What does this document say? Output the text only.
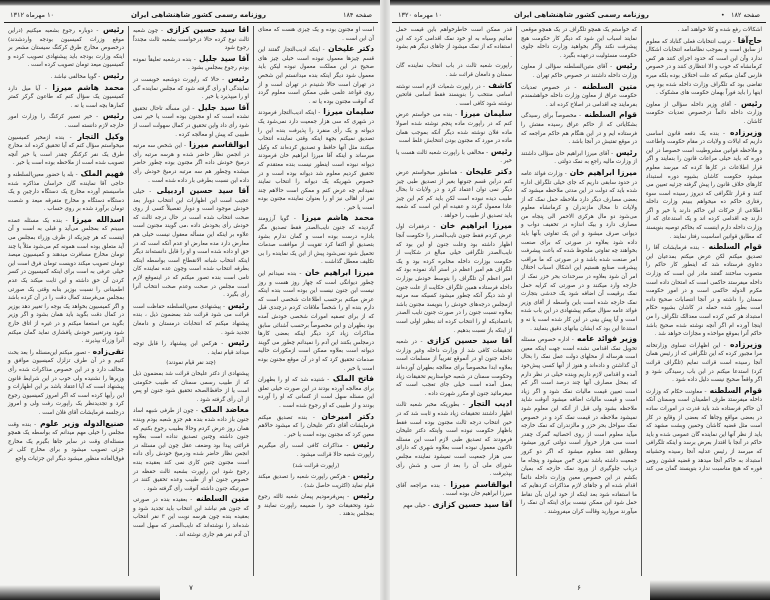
صفحه ۱۸۴
روزنامه رسمی کشور شاهنشاهی ایران
۱۰ مهرماه ۱۳۱۲
است او مجنون بوده و یک چیزی هست که معنای آن این است .
دکتر علیخان - اینکه ادیب‌التجار گفتند این قسم چیزها معمول نبوده است خیلی چیز های صحیح در این مملکت معمول نبوده لیکن باید معمول شود دیگر اینکه بنده میدانستم این شخص در تهران است حالا شنیدم در تهران است و از روی قواعد علمی طبی ممکن است معلوم گردد که آنوقت مجنون بوده یا نه .
سلیمان میرزا - اینکه ادیب‌التجار فرمودند در شهری که سی هزار جمعیت دارد نمی‌شود یک دیوانه و یک رأی منفرد را پذیرفت بنده این را تصدیق نمیکنم بجهة اینکه وقتی نماینده انتخاب میکنند مثل آنها حافظ و تصدیق کرده‌اند که وکیل میرساند و اینکه آقا میرزا ابراهیم خان فرمودند دیوانه نبوده است اینطور نیست بنده معتقدم که تحقیق کردیم معلوم شد دیوانه بوده است و در خصوص شهریکه یک دیوانه را انتخاب نمایند نمیدانم چه عرض کنم و ممکن است حالاهم چند نفر از اهالی نیز او را بعنوان نماینده مجنون بوده است یا خیر .
محمد هاشم میرزا - گویا آرزومند گردیده که جنون نایب‌الصدر فقط تصدیق مگر باداره درست بوده است و گمان ندارم بشود بتصدیق او اکتفا کرد تقویت از موافقت صدمات تحمیل شود نمی‌شود پیش از این یک نماینده را بی تکلیف معطل گذاشت .
میرزا ابراهیم خان - بنده نمیدانم این چطور دیوانگی است که چهار روز هست و روز نیست این جنون نیست این بوده است بنده اینکه عرض میکنم برحسب اطلاعات شخصی است که دارم بنده او را شخصاً ملاقات کردم درچندی قبل که از برای تصفیه امورات شخصی خودش آمده بود بطهران و این مخصوصاً برحسب آشنائی سابق مذاکرات زیاد کرد دیگر اینکه بعضی کارها درمجلس بکنند این آدم را نمیدانم چطور می گویند دیوانه است بعلاوه ممکن است ازمکورات حالیه صدمات تحقیق کرد که او در آن موقع مجنون بوده است یا خیر .
فاتح الملک - شنیده شد که او را بطهران برای معالجه آورده بودند در این صورت خیلی تعلق این مسئله سهل است از کسانی که او را آورده بودند و از طبیبی که او رجوع شده است .
دکتر امیرخان - بنده تصدیق میکنم فرمایشات آقای دکتر علیخان را که میشود حالاهم معین کرد که مجنون بوده است یا خیر .
رئیس - مذاکرات کافی است رأی میگیریم راپورت شعبه حالا قرائت میشود .
(راپورت قرائت شد)
رئیس - هرکس راپورت شعبه را تصدیق میکند قیام نماید (اکثریت حاصل شد) .
رئیس - پس‌فرمودیم پیمان شعبه ثالثه رجوع شود وتحقیقات خود را ضمیمه راپورت نمایند و بمجلس بدهند .
آقا سید حسین کزازی - چون شعبه ثالث نوع کرده حالا درخواست بشعبه ثالث مجدداً رجوع شود
آقا سید جلیل - بنده درشعبه تعلیقاً نموده بودم رجوع بمجلس بشود .
رئیس - حالا که راپورت دوشعبه خوبست در نمایندگی او رأی گرفته شود که مجلس نماینده گی او را میپذیرد یا خیر .
آقا سید جلیل - این مسأله تاحال تحقیق نشده است که او مجنون بوده است یا خیر نمی شود رأی داد واین تحقیق در کمال سهولت است از طبیبی که پیش او معالجه کرده .
ابوالقاسم میرزا - این شخص سه مرتبه در انجمن نظار حاضر شده و هرسه مرتبه رأی درمیخ خودش داده اگر مجنون بوده چطور حاضر میشده وچطور هم سه مرتبه درمیخ خودش رأی داده این نسبت بطرفی بار داده شده است .
آقا سید حسین اردبیلی - خیلی عجیب است این اظهارات این انتخاب دوبار بعد خودش موجود است و دوبار تفصیلاً کسی از روی صحت انتخاب شده است در حال درجه ثالث که خودش رأی بخودش داده ،می گویند مجنون است علاوه بر اینکه این مسأله معقول نیست خیلی هم معارض دارد مده معارض او عدم آنکه است که در حق او داده شده است و او را قابل دانسته‌اند دیگر اینکه انتخاب شبانه الانقطاع است بواسطه اینکه بطرفه انتخاب شده است وچون عده نماینده کان تامی است بنده تصور میکنم که در اینموقع لازم است مجلس در صحت وعدم صحت انتخاب آنرا رأی بگیرد .
رئیس - پیشنهادی معین‌السلطنه حفاظت است قرائت می شود قرائت شد بمضمون ذیل ، بنده پیشنهاد میکنم که انتخابات درمستان و دامغان تجدید شود .
رئیس - هرکس این پیشنهاد را قابل توجه میداند قیام نماید .
(چند نفر قیام نمودند)
پیشنهادی از دکتر علیخان قرائت شد بمضمون ذیل که از طبیب رسمی سمنان که طبیب حکومتی است یا از حافظ‌الصحه تحقیق شود جنون او پس از آن رأی گرفته شود .
معاضد الملک - چون از طرفی شبهه اساد جنون باز داده شده بنده هم جزو شعبه بودم وبنده همان روز عرض کردم وحالا بطبیب رجوع بکنیم که جنون داشته وچنین تصدیق نداده است بعلاوه قرائتی پیدا بود وضعف عقل چون این مسئله در انجمن نظار حاضر شده ودرمیخ خودش رأی داده است مجنون چنین کاری نمی کند بعقیده بنده رجوع شود این راپورت بشعبه ثالث حفظه در خصوص جنون او از طبیب وعده تحقیق کنند در صورتیکه جنون داشته آنوقت رأی گرفته شود .
متین السلطنه - بعقیده بنده در صورتی که جنون هم نباشد این انتخاب باید تجدید شود و بعقیده بنده چون هرسه نوبت این ۳ نفر انتخاب شده‌اند را نوشته‌اند که نایب‌الصدر که سهل است آن آدم نفر هم جاری نوشته اند .
رئیس - دوباره رجوع بشعبه میکنیم (دراین موقع وزرات کمیسیون بودجه واردشدند) درخصوص مخارج طرق کرکنگ سیستان مشعر بر اینکه وزارت بودجه باید پیشنهادی تصویب کرده و کمیسیون میعد تومان تصویب کرده است .
رئیس - گویا مخالفی نباشد .
محمد هاشم میرزا - آیا میل دارد کمیسیون یک سؤال کنم که طاعون گرکر کمتر کمارها بچه است یا نه .
رئیس - خیر تعمیر کرکنگ را وزارت امور خارجه لازم دانسته است .
وکیل التجار - بنده ازمخبر کمیسیون میخواستم سؤال کنم که آیا تحقیق کرده اند مخارج طرق یک نفر کرکنگر چقدر است یا خیر آنچه تصویب شده است از ملاحظه بوده است یا خیر .
فهیم الملک - بله یا حضور معین‌السلطنه و حاجی آقا نماینده گان خراسان مذاکره شده ماسیستم آورده مخارج یک دستگاه دارچین و یک دستگاه دستگاه و مخارج متفرقه میعد و شصت تومان برآورد شده بر روی حساب .
اسدالله میرزا - بنده یک مسئله عمده میبینم که بمجلس می‌آید و قبلی به است و آن اینست که هر چیزیکه از طرف وزراء بمجلس می آید متعلق بوده است همونه کم می‌شود مثلاً یا چند تومان مخارج مسافرت میدهند و کمیسیون میصد تومان تصویب میکند دویست تومان فرق است این خیلی عرفی به است برای اینکه کمیسیون در کسر کردن آن حق داشته و این ثابت میکند یک عدم اطمینانی را نسبت بوزیر بنابه وقتی یک صورتی بمجلس می‌فرستد کمال دقت را در آن کرده باشد و اگر کمیسیون بخواهد یک بوجه را تغییر دهد بوزیر در کمال دقت بگوید باید همان بشود و اگر وزیر بگوید من استعفا میکنم و در غیره از اتاق خارج شود ودرتغییر خودش پافشاری نماید گمان میکنم آنرا وزراء بپذیرند .
تقی‌زاده - تصور میکنم این‌مسئله را بعد بحث کنیم و در آن طرف تزلزل کمیسیون موافق و مخالف دارد و در این خصوص مذاکرات شده رأی وزیرها را نشنیده ولی خوب در این شرایط قانون پیشنهاد است که آیا اعتقاد باشد بر این اظهارات و این رأیها کرده است که اگر امروز کمیسیون رجوع کرد و تجدیدنظر یک راپورت رفت ولی و امروز درجلسه فرمایشات آقای فلان است .
صنیع‌الدوله وزیر علوم - بنده وقت مجلس را خیلی مهم میدانم که بواسطه یک همچو مسئله‌ای وقت در سایر جاها بگیرم یک مخارج جزئی تصویب میشود و برای مخارج کلی تر فوق‌العاده منظور میشود دیگر این جزئیات واجع
۷
صفحه ۱۸۲   •
روزنامه رسمی کشور شاهنشاهی ایران
۱۰ مهرماه ۱۳۲۰
اشکالات رفع شده و کلا خواهند آمد .
حاج‌آقا - ترتیب انتخابات فعلی گناباد که معلوم از سابق است و بموجب نظامنامه انتخابات اشکال ندارد وآن این است که حدود اجرای کنند هر کس کرمانشاه که خوب و الا انتظاری کنند و در خصوص فارس گمان میکنم که علت اختلاف بوده بلکه میره تقاضی بود که تلگراف وزارت داخله شده بود پس اینها را باید فوراً بهمان حکومت های مشکوک .
رئیس - آقای وزیر داخله سؤالی از معاون وزارت داخله دائماً درخصوص تعدیات حکومت کاشان .
وزیرزاده - بنده یک دفعه قانون اساسی داریم که ایالات و ولایات در مقام حکومت واطاعت و ملاحظه قوانین مشروطیت است خصوصا در این دوره که باید خیلی مراعات قانون را بنمایند و اگر قرار اطلاعات در کارها کرده که میرسد معلوم میشود حکومت کاشان بشیوه دوره استبداد کارهای خلاف قانون را پیش گرفته جزئیه تعیین می کنند و قرار تلگرافی که دیروز رسیده است سوء رفتاری حاکم ده میخواهم ببینم وزارت داخله اطلاعی از حرکات این حاکم دارند یا خیر و اگر دارند چه اقدامی کرده اند و یک استدعای که از وزارت داخله دارم اینست که بحاکم توصیه بنویسند که مطابق قوانین اساسیت رفتار نمایند .
قوام السلطنه - بنده فرمایشات آقا را تصدیق میکنم لکن عرض میکنم بمدعیان این دعاوی فرستاده شد که اینطور کار حاکم را متصوب ساختند گفتند مادر این است که وزارت داخله میفرستد حاکمی است که امتحان داده است مکرم الدوله حاکمی است و در امور حکومت سمنان را داشته و در آنجا انتصابات صحیح داده است بطور شده حمله در کاشان بشیوه حکام استبداد هر کس کرده است معدالک تلگراف را من اینجا آورده ام اگر آنچه نوشته شده صحیح باشد حاکم آنرا بموقع مواخذه و مجازات خواهد شد .
وزیرزاده - این اظهارات تساوی وزارتخانه مرا مجبور کرده که این تلگرافی که از رئیس همان آنجا رسیده است قرائت نمایم (تلگراف قرائت کرد) استدعا میکنم در این باب رسیدگی شود و اگر واقعاً صحیح نیست دلیل داده شود .
قوام السلطنه - معاونت حکام که وزارت داخله میفرستد طرف اطمینان است وسمنان آنکه آن حاکم فرستاده شد باید قدرت در امورات ساده در بعضی مواقع وجاها که بعضی از وقایع در کار است مثل قضیه کاشان وحمین وبشت مشهد که باید از نظر آنها این نماینده گان عمومی شده و باید حاکم در آنجا با اقتدار بعرض برسد و اینکه تلگرافی که میرسد از رئیس عدلیه آنجا رسیده وحشیانه استبداد به حاکم آنجا میدهد و قضیه قشون روس فوره که هیچ مناسبت ندارد بنویسند گمان می کند .
که خواستم یک همچو تلگراف در یک همچو موقعی نمایند اسباب این شود که دیگر کار حکومت هیچ پیشرفت نکند واگر بخواهید وزارت داخله جلوی حکومت مسئولیت درعهده بگیرد .
رئیس - آقای متین‌السلطنه سؤالی از معاون وزارت داخله داشتند در خصوص حاکم تهران .
متین السلطنه - در خصوص تعدیات حکومت عراق از معاون وزارت داخله خواهشمندم بفرمایند چه اقدامی در اصلاح کرده اند .
قوام السلطنه - مخصوصاً برای رسیدگی بشکایاتی که از حاکم عراق رسیده مفتش را فرستاده ایم و در این هنگام هم حاکم مراجعه که در موقع تفتیش در آنجا باشد .
رئیس - آقای میرزا ابراهیم خان سؤالی داشتند از وزارت مالیه راجع به نمک دولتی .
میرزا ابراهیم خان - وزارت فوائد عامه در حدود سابقی داریم که جای خیلی تلگراف اداره شده باید که دولت در این مدتی ملاحظه میشود که بعضی مصارف دیگر دارد ملاحظه حمل نمک که از ولایات تا محال مازندران و کرمانشاه معلوم می‌شود دو مال هرکری الاحمر الی پنجاه من مصارف دارد و بیک اندازه در تخفیف دواب و دیوانی صرف میشود و این یک تفاوتی بآنها باید داده شود بعلاوه در صورتی که برای صنعت بخواهند چه تفاوتی ملحوظ شده که باعث پیشرفت امر صنعت شده باشد و در صورتی که ما مراقب پیشرفت صنایع هستیم این اشکال اسباب اختلال امر آن شود بعلاوه در سرحدات بحر خزر نمک از خارجه وارد میکنند و در صورتی که کرایه حمل نمک برقیمت آن اضافه شود یک خدشی بتجارت نمک خارجه شده است باین واسطه از آقای وزیر فوائد عامه سؤال میکنم پیشنهادی در این باب شده است و آیا پیش بینی در این کار شده است یا نه و استدعا این بود که ایشان بیانهای دقیق بنمایند .
وزیر فوائد عامه - اداره خصوص مسئله تحویل نمک اقدامی نشده است جهت اینکه معین است هرساله از محلهای دولت عمل نمک را بحال آن گذاشتن و داده‌اند و هنوز از آنها کسی پیش‌خود آمده و اقدامی لازم داریم وبنده خیلی در نظر دارم که بمحل مصارف آنها چند درصد است اگر کم است تعیین قیمت مالیات نمک شود و اگر زیاد است و قیمت مالیات اضافه میشود آنوقت شاید ملاحظه بشود ولی قبل از آنکه این معلوم شود نمیشود ملاحظه در قیمت نمک کرد و در خصوص نمک سواحل بحر خزر و مالزندران که نمک خارجه میآید معلوم است از روی احصائیه گمرک چقدر است سی هزار خروار است دولتی کرور میشود ومطابق عقد معلوم میشود که اگر دو کرور جمعیت داشته باشد نفری ۴من میشود و پنجاه ما درباب جلوگیری از ورود نمک خارجه که بمیان بکشم در این خصوص معین وزارت داخله دائماً اقدام شده ام و جاهای لازم مذاکرات کردهایم که ما استفاده شود بعد اینکه از خود ایران بآن نقاط حمل شود این ممکن نیست برای اینکه آن نمک را میآورند مروارید وقالت کران میفروشند .
قدر ممکن است خاطرخواهم باین قیمت حمل نمائیم وسیاه به او خود نمک اقدامی کرد که این استفاده که از نمک میشود از جاهای دیگر هم بشود .
راپورت شعبه ثالث در باب انتخاب نماینده گان سمنان و دامغان قرائت شد .
کاشف - در راپورت شعبات لازم است نوشته اسامی منتخب را بنویسند فقط اسامی فاتحین نوشته شود کافی است .
سلیمان میرزا - بنده می خواستم عرض کنم که در راپورت ماده پنجم نوشته شده اصولا ماده فلان نوشته شده دیگر آنکه بموجب همان ماده در مورد که مجنون بودن انتخابش غلط است
رئیس - مخالفی با راپورت شعبه ثالث هست یا خیر .
دکتر علیخان - همانطور میخواستم عرض کنم دراین قسم جنونها بغیر از تصدیق طبی چیز دیگر نمی توان اعتماد کرد و در ولایات تا بحال طبیب دیده نبوده است لکن باید کم کم این چیز عادا معمول گردد و عقیده ام این است که شعبه باید تصدیق از طبیب را خواهد .
میرزا ابراهیم خان - درفقرات اول عرض کردم فقط جنون نایب‌الصدر را حکومت آنجا اظهار داشته بود وعلت جنون او این بود که نایب‌الصدر تلگرافی خیلی مبالغ در شکایت از حکومت بوزارت داخله مخابره کرده بود و یک تلگراف هم امیر اعظم در استر آباد نموده بود که امیر اعظم آن تلگراف را بتوسط خودش بوزارت داخله فرستاده همین تلگراف حکایت از علت جنون او شد دیگر آنکه چطور میشود کسیکه سه مرتبه ازمجلس درجه‌های خودش را بنویسد مجنون باشد بعلاوه نسبت جنون را در صورت جنون نایب الصدر باعتمادیکه او را انتخاب کرده اند بنظیر اولی است از اینکه باز نسبت بدهیم .
آقا سید حسین کزازی - در شعبه تحقیقات کافی شد از وزارت داخله وغیر وزارت داخله جنون او در آنموقع تقریباً از مسلمات است بعلاوه ابدا مخصوصاً برای معالجه بطهران آورده‌اند وحکومت سمنان در شعبه خواستاریم تحقیقات زیاد بعمل آمده است خیلی جای تعجب است که میفرمائید جنون او مکرر شهرت داده .
ادیب التجار - بطوریکه مخبر شعبه ثالث اظهار داشتند تحقیقات زیاد شده و ثابت شد که در حین انتخاب درجه ثالث مجنون بوده است فقط باظهار حکومت نبوده است واینکه دکتر علیخان فرمودند که تصدیق طبی لازم است این مسئله تاکنون معمول نبوده است بعلاوه شهری که دارای سی هزار جمعیت است نمیشود نماینده مجلس شورای ملی آن را بعد از سی و شش رأی بپذیرفت .
ابوالقاسم میرزا - بنده مراجعه آقای میرزا ابراهیم خان بوده است .
آقا سید حسین کزازی - خیلی مهم
۶
